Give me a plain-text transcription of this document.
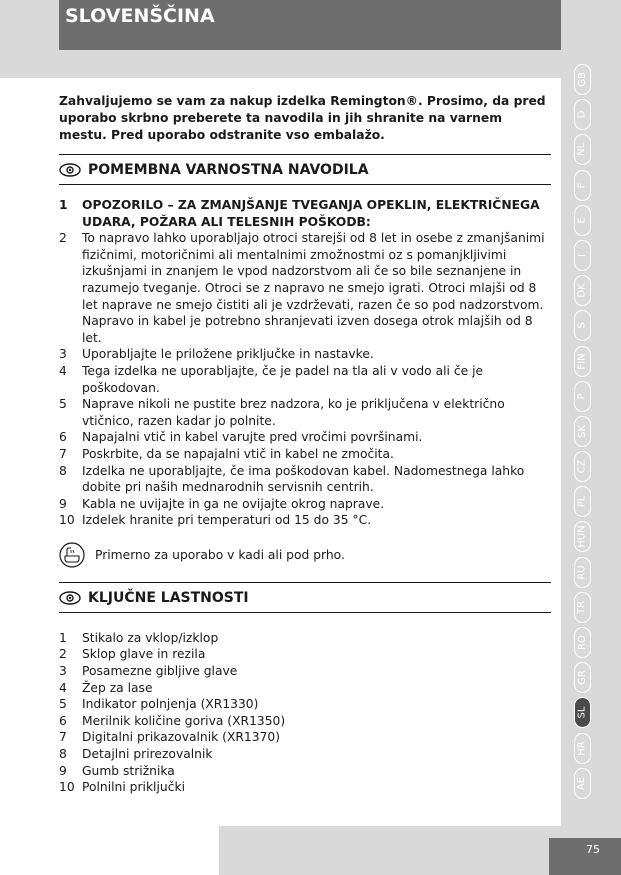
SLOVENŠČINA
GB
D
NL
F
E
I
DK
S
FIN
P
SK
CZ
PL
HUN
RU
TR
RO
GR
SL
HR
AE
75

Zahvaljujemo se vam za nakup izdelka Remington®. Prosimo, da pred uporabo skrbno preberete ta navodila in jih shranite na varnem mestu. Pred uporabo odstranite vso embalažo.

POMEMBNA VARNOSTNA NAVODILA
1	OPOZORILO – ZA ZMANJŠANJE TVEGANJA OPEKLIN, ELEKTRIČNEGA UDARA, POŽARA ALI TELESNIH POŠKODB:
2	To napravo lahko uporabljajo otroci starejši od 8 let in osebe z zmanjšanimi fizičnimi, motoričnimi ali mentalnimi zmožnostmi oz s pomanjkljivimi izkušnjami in znanjem le vpod nadzorstvom ali če so bile seznanjene in razumejo tveganje. Otroci se z napravo ne smejo igrati. Otroci mlajši od 8 let naprave ne smejo čistiti ali je vzdrževati, razen če so pod nadzorstvom. Napravo in kabel je potrebno shranjevati izven dosega otrok mlajših od 8 let.
3	Uporabljajte le priložene priključke in nastavke.
4	Tega izdelka ne uporabljajte, če je padel na tla ali v vodo ali če je poškodovan.
5	Naprave nikoli ne pustite brez nadzora, ko je priključena v električno vtičnico, razen kadar jo polnite.
6	Napajalni vtič in kabel varujte pred vročimi površinami.
7	Poskrbite, da se napajalni vtič in kabel ne zmočita.
8	Izdelka ne uporabljajte, če ima poškodovan kabel. Nadomestnega lahko dobite pri naših mednarodnih servisnih centrih.
9	Kabla ne uvijajte in ga ne ovijajte okrog naprave.
10 Izdelek hranite pri temperaturi od 15 do 35 °C.
Primerno za uporabo v kadi ali pod prho.
KLJUČNE LASTNOSTI
1	Stikalo za vklop/izklop
2	Sklop glave in rezila
3	Posamezne gibljive glave
4	Žep za lase
5	Indikator polnjenja (XR1330)
6	Merilnik količine goriva (XR1350)
7	Digitalni prikazovalnik (XR1370)
8	Detajlni prirezovalnik
9	Gumb strižnika
10 Polnilni priključki
